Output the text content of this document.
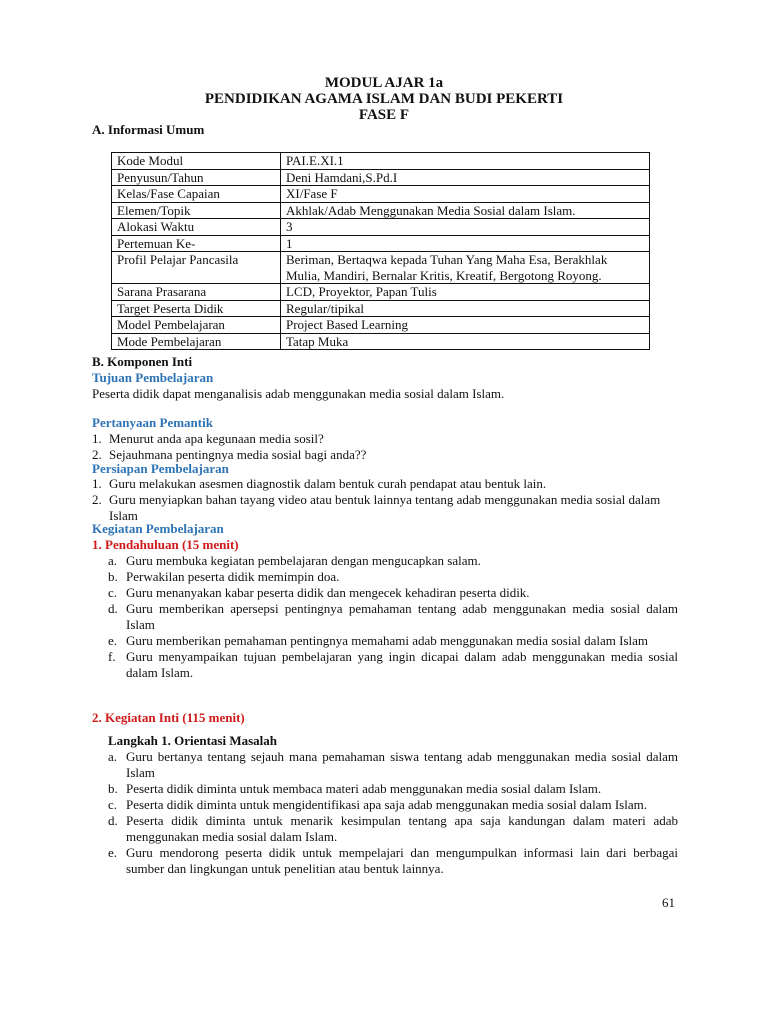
MODUL AJAR 1a
PENDIDIKAN AGAMA ISLAM DAN BUDI PEKERTI
FASE F
A. Informasi Umum
Kode Modul	PAI.E.XI.1
Penyusun/Tahun	Deni Hamdani,S.Pd.I
Kelas/Fase Capaian	XI/Fase F
Elemen/Topik	Akhlak/Adab Menggunakan Media Sosial dalam Islam.
Alokasi Waktu	3
Pertemuan Ke-	1
Profil Pelajar Pancasila	Beriman, Bertaqwa kepada Tuhan Yang Maha Esa, Berakhlak Mulia, Mandiri, Bernalar Kritis, Kreatif, Bergotong Royong.
Sarana Prasarana	LCD, Proyektor, Papan Tulis
Target Peserta Didik	Regular/tipikal
Model Pembelajaran	Project Based Learning
Mode Pembelajaran	Tatap Muka
B. Komponen Inti
Tujuan Pembelajaran
Peserta didik dapat menganalisis adab menggunakan media sosial dalam Islam.
Pertanyaan Pemantik
1. Menurut anda apa kegunaan media sosil?
2. Sejauhmana pentingnya media sosial bagi anda??
Persiapan Pembelajaran
1. Guru melakukan asesmen diagnostik dalam bentuk curah pendapat atau bentuk lain.
2. Guru menyiapkan bahan tayang video atau bentuk lainnya tentang adab menggunakan media sosial dalam Islam
Kegiatan Pembelajaran
1. Pendahuluan (15 menit)
a. Guru membuka kegiatan pembelajaran dengan mengucapkan salam.
b. Perwakilan peserta didik memimpin doa.
c. Guru menanyakan kabar peserta didik dan mengecek kehadiran peserta didik.
d. Guru memberikan apersepsi pentingnya pemahaman tentang adab menggunakan media sosial dalam Islam
e. Guru memberikan pemahaman pentingnya memahami adab menggunakan media sosial dalam Islam
f. Guru menyampaikan tujuan pembelajaran yang ingin dicapai dalam adab menggunakan media sosial dalam Islam.
2. Kegiatan Inti (115 menit)
Langkah 1. Orientasi Masalah
a. Guru bertanya tentang sejauh mana pemahaman siswa tentang adab menggunakan media sosial dalam Islam
b. Peserta didik diminta untuk membaca materi adab menggunakan media sosial dalam Islam.
c. Peserta didik diminta untuk mengidentifikasi apa saja adab menggunakan media sosial dalam Islam.
d. Peserta didik diminta untuk menarik kesimpulan tentang apa saja kandungan dalam materi adab menggunakan media sosial dalam Islam.
e. Guru mendorong peserta didik untuk mempelajari dan mengumpulkan informasi lain dari berbagai sumber dan lingkungan untuk penelitian atau bentuk lainnya.
61
